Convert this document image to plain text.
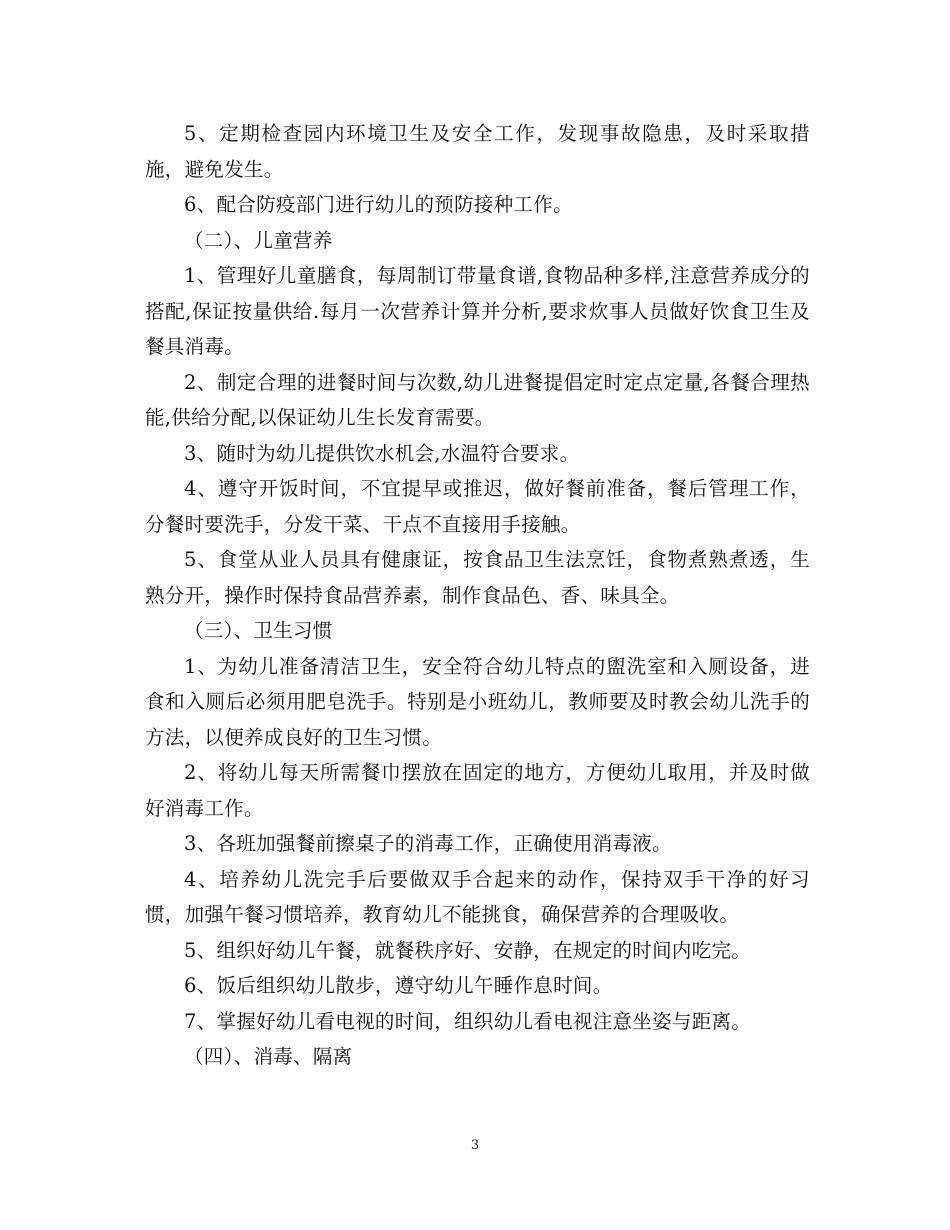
5、定期检查园内环境卫生及安全工作，发现事故隐患，及时采取措施，避免发生。

6、配合防疫部门进行幼儿的预防接种工作。

（二）、儿童营养

1、管理好儿童膳食，每周制订带量食谱,食物品种多样,注意营养成分的搭配,保证按量供给.每月一次营养计算并分析,要求炊事人员做好饮食卫生及餐具消毒。

2、制定合理的进餐时间与次数,幼儿进餐提倡定时定点定量,各餐合理热能,供给分配,以保证幼儿生长发育需要。

3、随时为幼儿提供饮水机会,水温符合要求。

4、遵守开饭时间，不宜提早或推迟，做好餐前准备，餐后管理工作，分餐时要洗手，分发干菜、干点不直接用手接触。

5、食堂从业人员具有健康证，按食品卫生法烹饪，食物煮熟煮透，生熟分开，操作时保持食品营养素，制作食品色、香、味具全。

（三）、卫生习惯

1、为幼儿准备清洁卫生，安全符合幼儿特点的盥洗室和入厕设备，进食和入厕后必须用肥皂洗手。特别是小班幼儿，教师要及时教会幼儿洗手的方法，以便养成良好的卫生习惯。

2、将幼儿每天所需餐巾摆放在固定的地方，方便幼儿取用，并及时做好消毒工作。

3、各班加强餐前擦桌子的消毒工作，正确使用消毒液。

4、培养幼儿洗完手后要做双手合起来的动作，保持双手干净的好习惯，加强午餐习惯培养，教育幼儿不能挑食，确保营养的合理吸收。

5、组织好幼儿午餐，就餐秩序好、安静，在规定的时间内吃完。

6、饭后组织幼儿散步，遵守幼儿午睡作息时间。

7、掌握好幼儿看电视的时间，组织幼儿看电视注意坐姿与距离。

（四）、消毒、隔离

3
